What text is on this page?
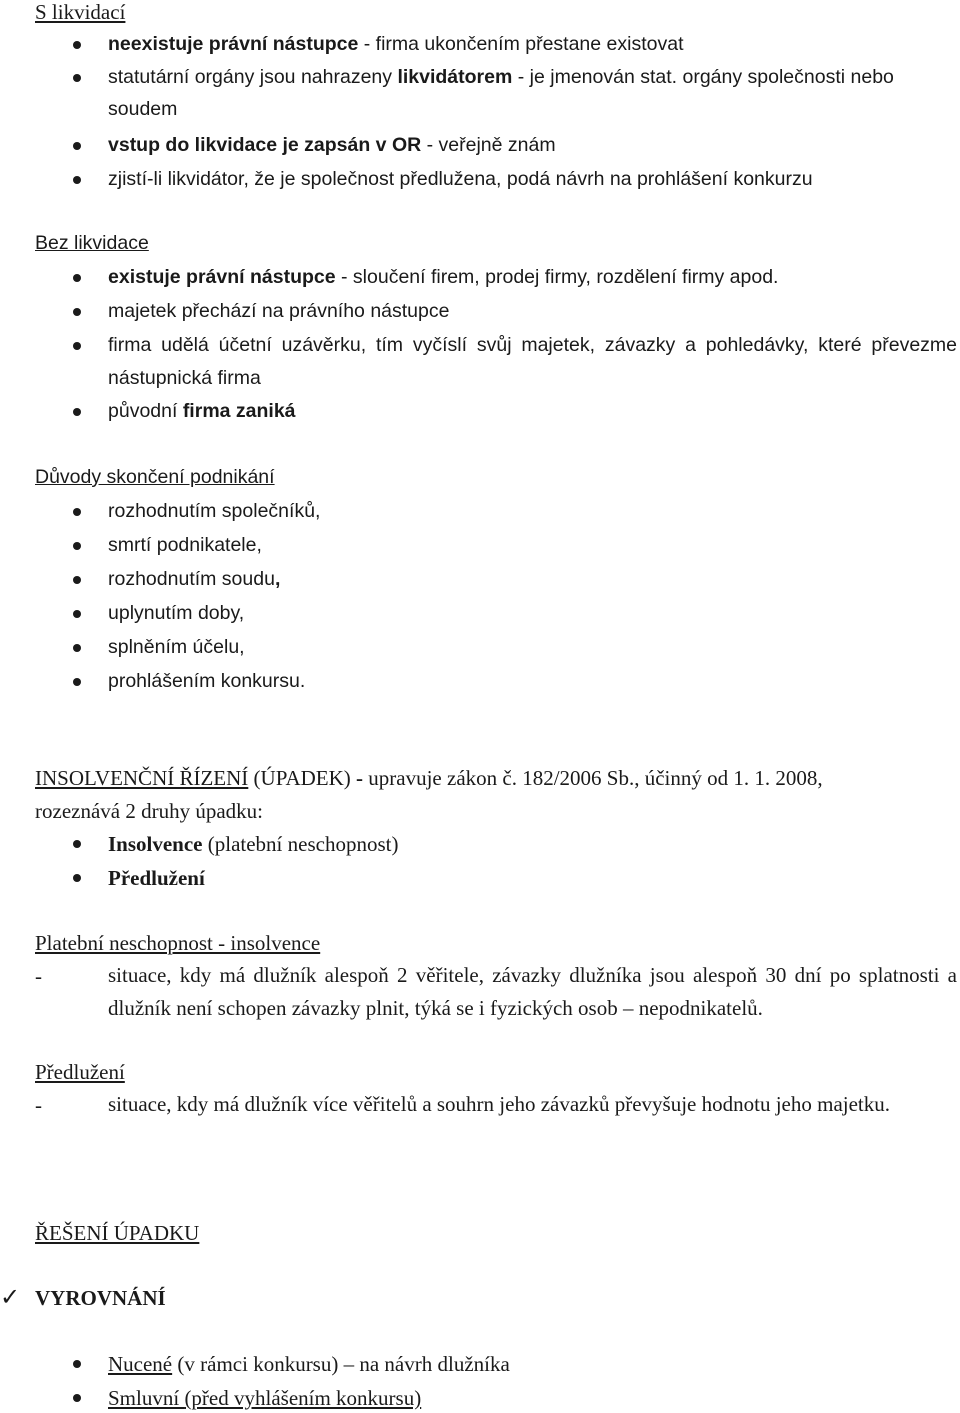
S likvidací
neexistuje právní nástupce - firma ukončením přestane existovat
statutární orgány jsou nahrazeny likvidátorem - je jmenován stat. orgány společnosti nebo soudem
vstup do likvidace je zapsán v OR - veřejně znám
zjistí-li likvidátor, že je společnost předlužena, podá návrh na prohlášení konkurzu
Bez likvidace
existuje právní nástupce - sloučení firem, prodej firmy, rozdělení firmy apod.
majetek přechází na právního nástupce
firma udělá účetní uzávěrku, tím vyčíslí svůj majetek, závazky a pohledávky, které převezme nástupnická firma
původní firma zaniká
Důvody skončení podnikání
rozhodnutím společníků,
smrtí podnikatele,
rozhodnutím soudu,
uplynutím doby,
splněním účelu,
prohlášením konkursu.
INSOLVENČNÍ ŘÍZENÍ (ÚPADEK) - upravuje zákon č. 182/2006 Sb., účinný od 1. 1. 2008,
rozeznává 2 druhy úpadku:
Insolvence (platební neschopnost)
Předlužení
Platební neschopnost - insolvence
-	situace, kdy má dlužník alespoň 2 věřitele, závazky dlužníka jsou alespoň 30 dní po splatnosti a dlužník není schopen závazky plnit, týká se i fyzických osob – nepodnikatelů.
Předlužení
-	situace, kdy má dlužník více věřitelů a souhrn jeho závazků převyšuje hodnotu jeho majetku.
ŘEŠENÍ ÚPADKU
✓ VYROVNÁNÍ
Nucené (v rámci konkursu) – na návrh dlužníka
Smluvní (před vyhlášením konkursu)
